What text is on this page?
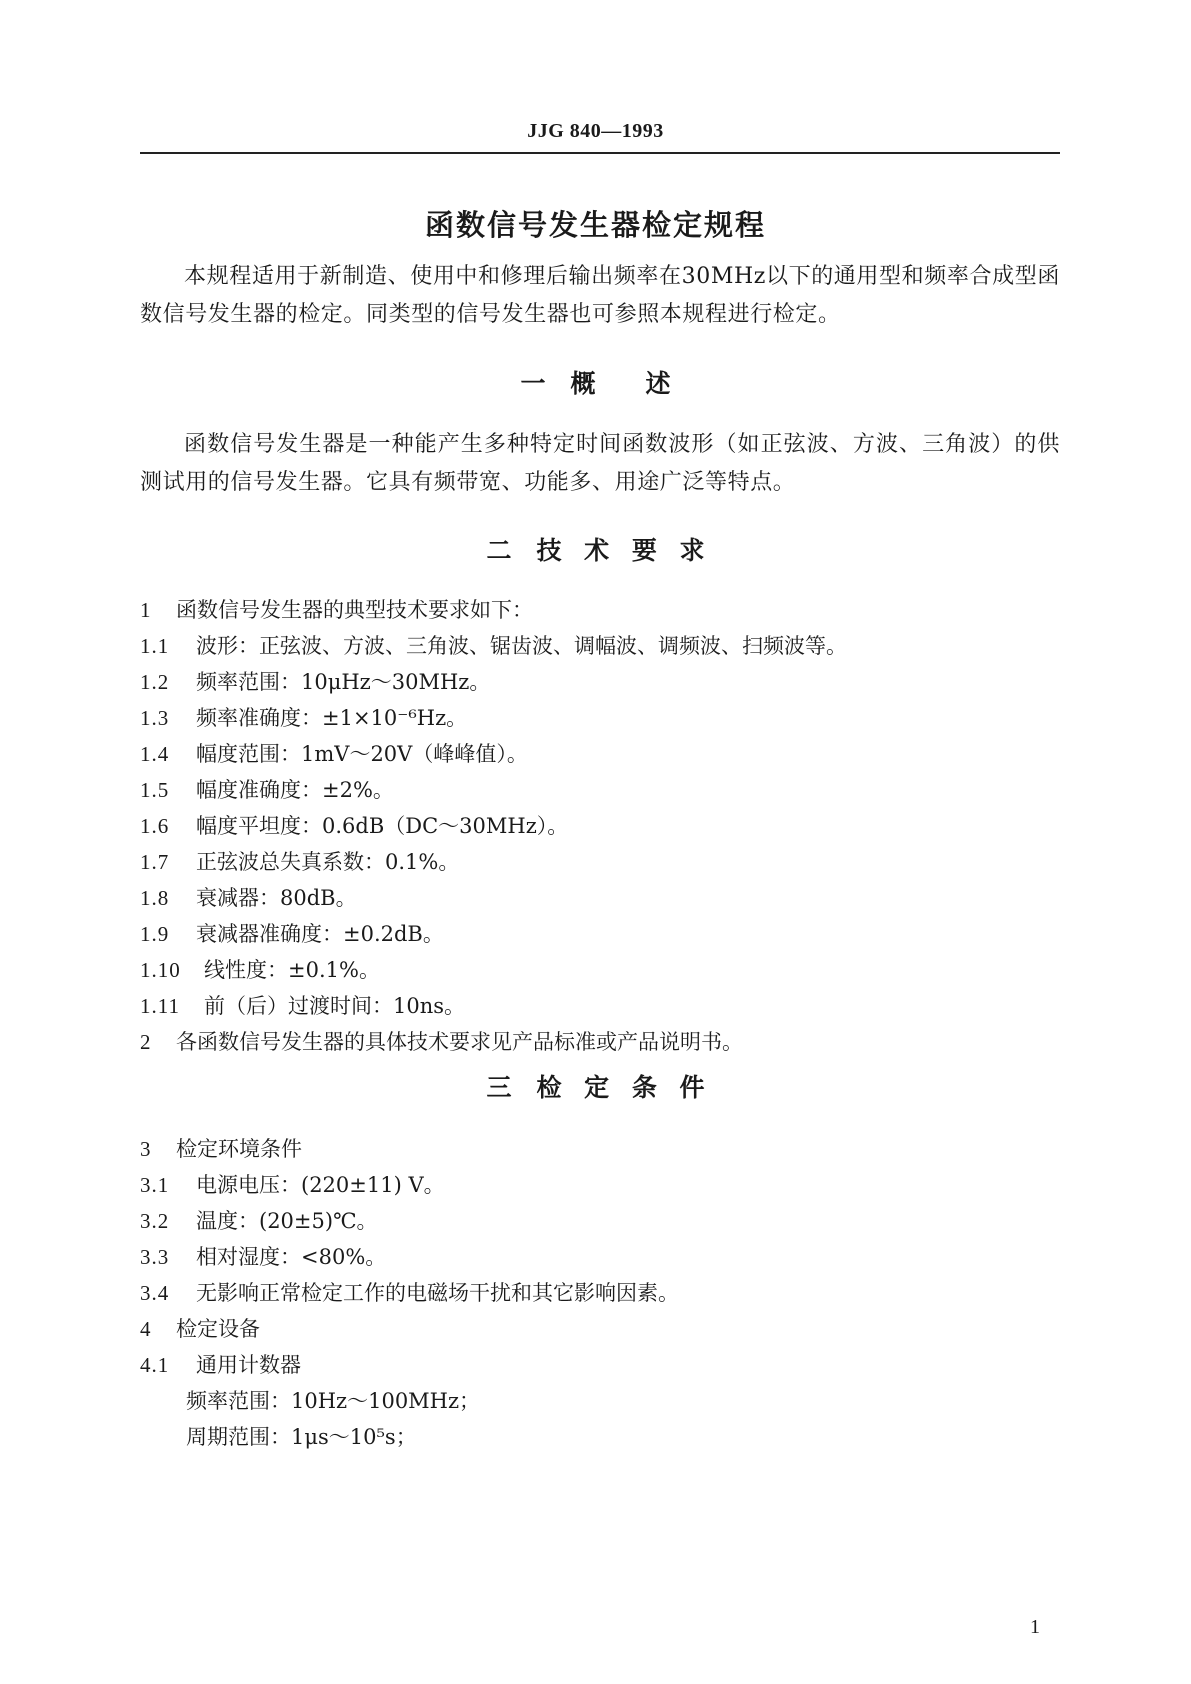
JJG 840—1993
函数信号发生器检定规程

本规程适用于新制造、使用中和修理后输出频率在30MHz以下的通用型和频率合成型函数信号发生器的检定。同类型的信号发生器也可参照本规程进行检定。

一　概　　述

函数信号发生器是一种能产生多种特定时间函数波形（如正弦波、方波、三角波）的供测试用的信号发生器。它具有频带宽、功能多、用途广泛等特点。

二　技 术 要 求
1 函数信号发生器的典型技术要求如下：
1.1 波形：正弦波、方波、三角波、锯齿波、调幅波、调频波、扫频波等。
1.2 频率范围：10μHz～30MHz。
1.3 频率准确度：±1×10⁻⁶Hz。
1.4 幅度范围：1mV～20V（峰峰值）。
1.5 幅度准确度：±2%。
1.6 幅度平坦度：0.6dB（DC～30MHz）。
1.7 正弦波总失真系数：0.1%。
1.8 衰减器：80dB。
1.9 衰减器准确度：±0.2dB。
1.10 线性度：±0.1%。
1.11 前（后）过渡时间：10ns。
2 各函数信号发生器的具体技术要求见产品标准或产品说明书。
三　检 定 条 件
3 检定环境条件
3.1 电源电压：(220±11) V。
3.2 温度：(20±5)℃。
3.3 相对湿度：<80%。
3.4 无影响正常检定工作的电磁场干扰和其它影响因素。
4 检定设备
4.1 通用计数器
频率范围：10Hz～100MHz；
周期范围：1μs～10⁵s；
1
